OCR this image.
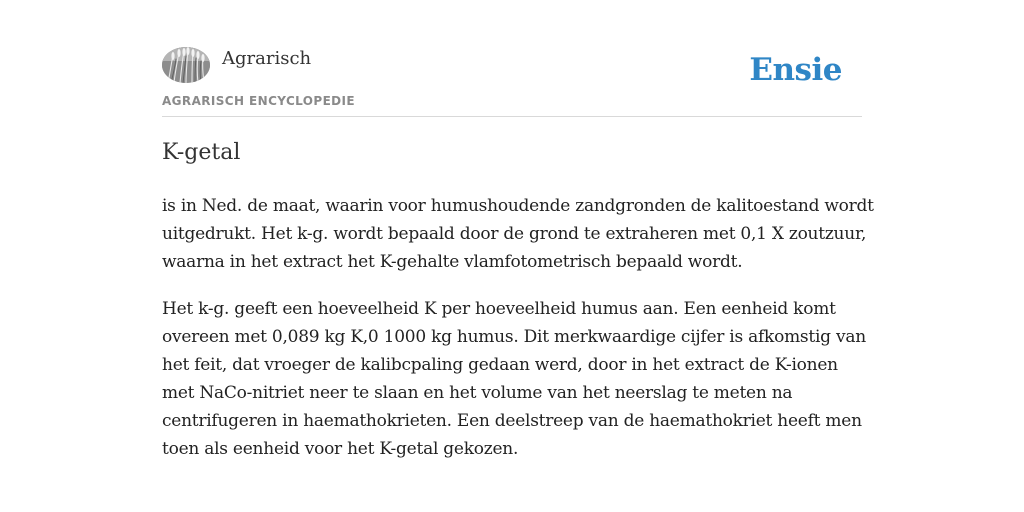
Agrarisch
AGRARISCH ENCYCLOPEDIE
Ensie
K-getal

is in Ned. de maat, waarin voor humushoudende zandgronden de kalitoestand wordt uitgedrukt. Het k-g. wordt bepaald door de grond te extraheren met 0,1 X zoutzuur, waarna in het extract het K-gehalte vlamfotometrisch bepaald wordt.

Het k-g. geeft een hoeveelheid K per hoeveelheid humus aan. Een eenheid komt overeen met 0,089 kg K,0 1000 kg humus. Dit merkwaardige cijfer is afkomstig van het feit, dat vroeger de kalibcpaling gedaan werd, door in het extract de K-ionen met NaCo-nitriet neer te slaan en het volume van het neerslag te meten na centrifugeren in haemathokrieten. Een deelstreep van de haemathokriet heeft men toen als eenheid voor het K-getal gekozen.
